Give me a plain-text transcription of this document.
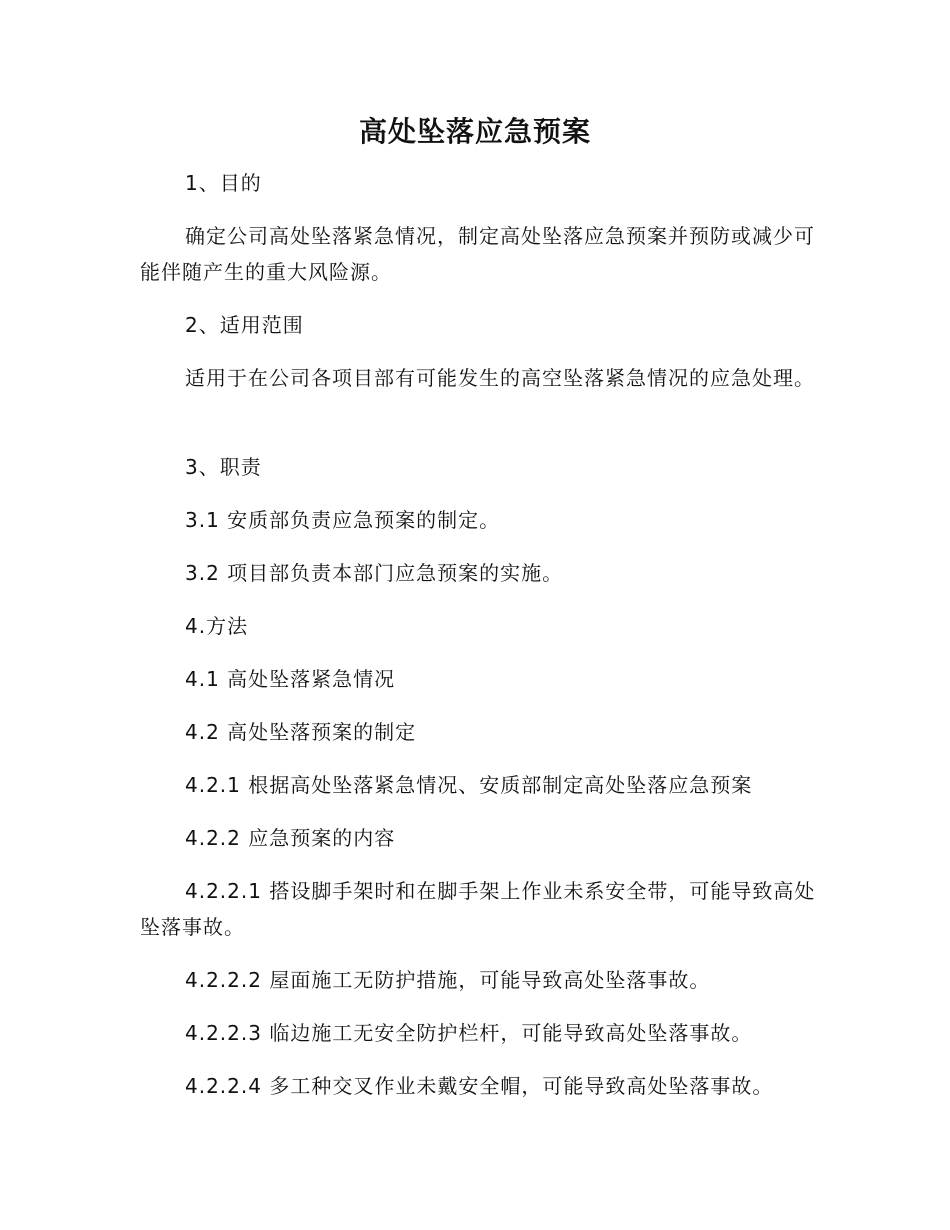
高处坠落应急预案

1、目的

确定公司高处坠落紧急情况，制定高处坠落应急预案并预防或减少可能伴随产生的重大风险源。

2、适用范围

适用于在公司各项目部有可能发生的高空坠落紧急情况的应急处理。

3、职责

3.1 安质部负责应急预案的制定。

3.2 项目部负责本部门应急预案的实施。

4.方法

4.1 高处坠落紧急情况

4.2 高处坠落预案的制定

4.2.1 根据高处坠落紧急情况、安质部制定高处坠落应急预案

4.2.2 应急预案的内容

4.2.2.1 搭设脚手架时和在脚手架上作业未系安全带，可能导致高处坠落事故。

4.2.2.2 屋面施工无防护措施，可能导致高处坠落事故。

4.2.2.3 临边施工无安全防护栏杆，可能导致高处坠落事故。

4.2.2.4 多工种交叉作业未戴安全帽，可能导致高处坠落事故。
